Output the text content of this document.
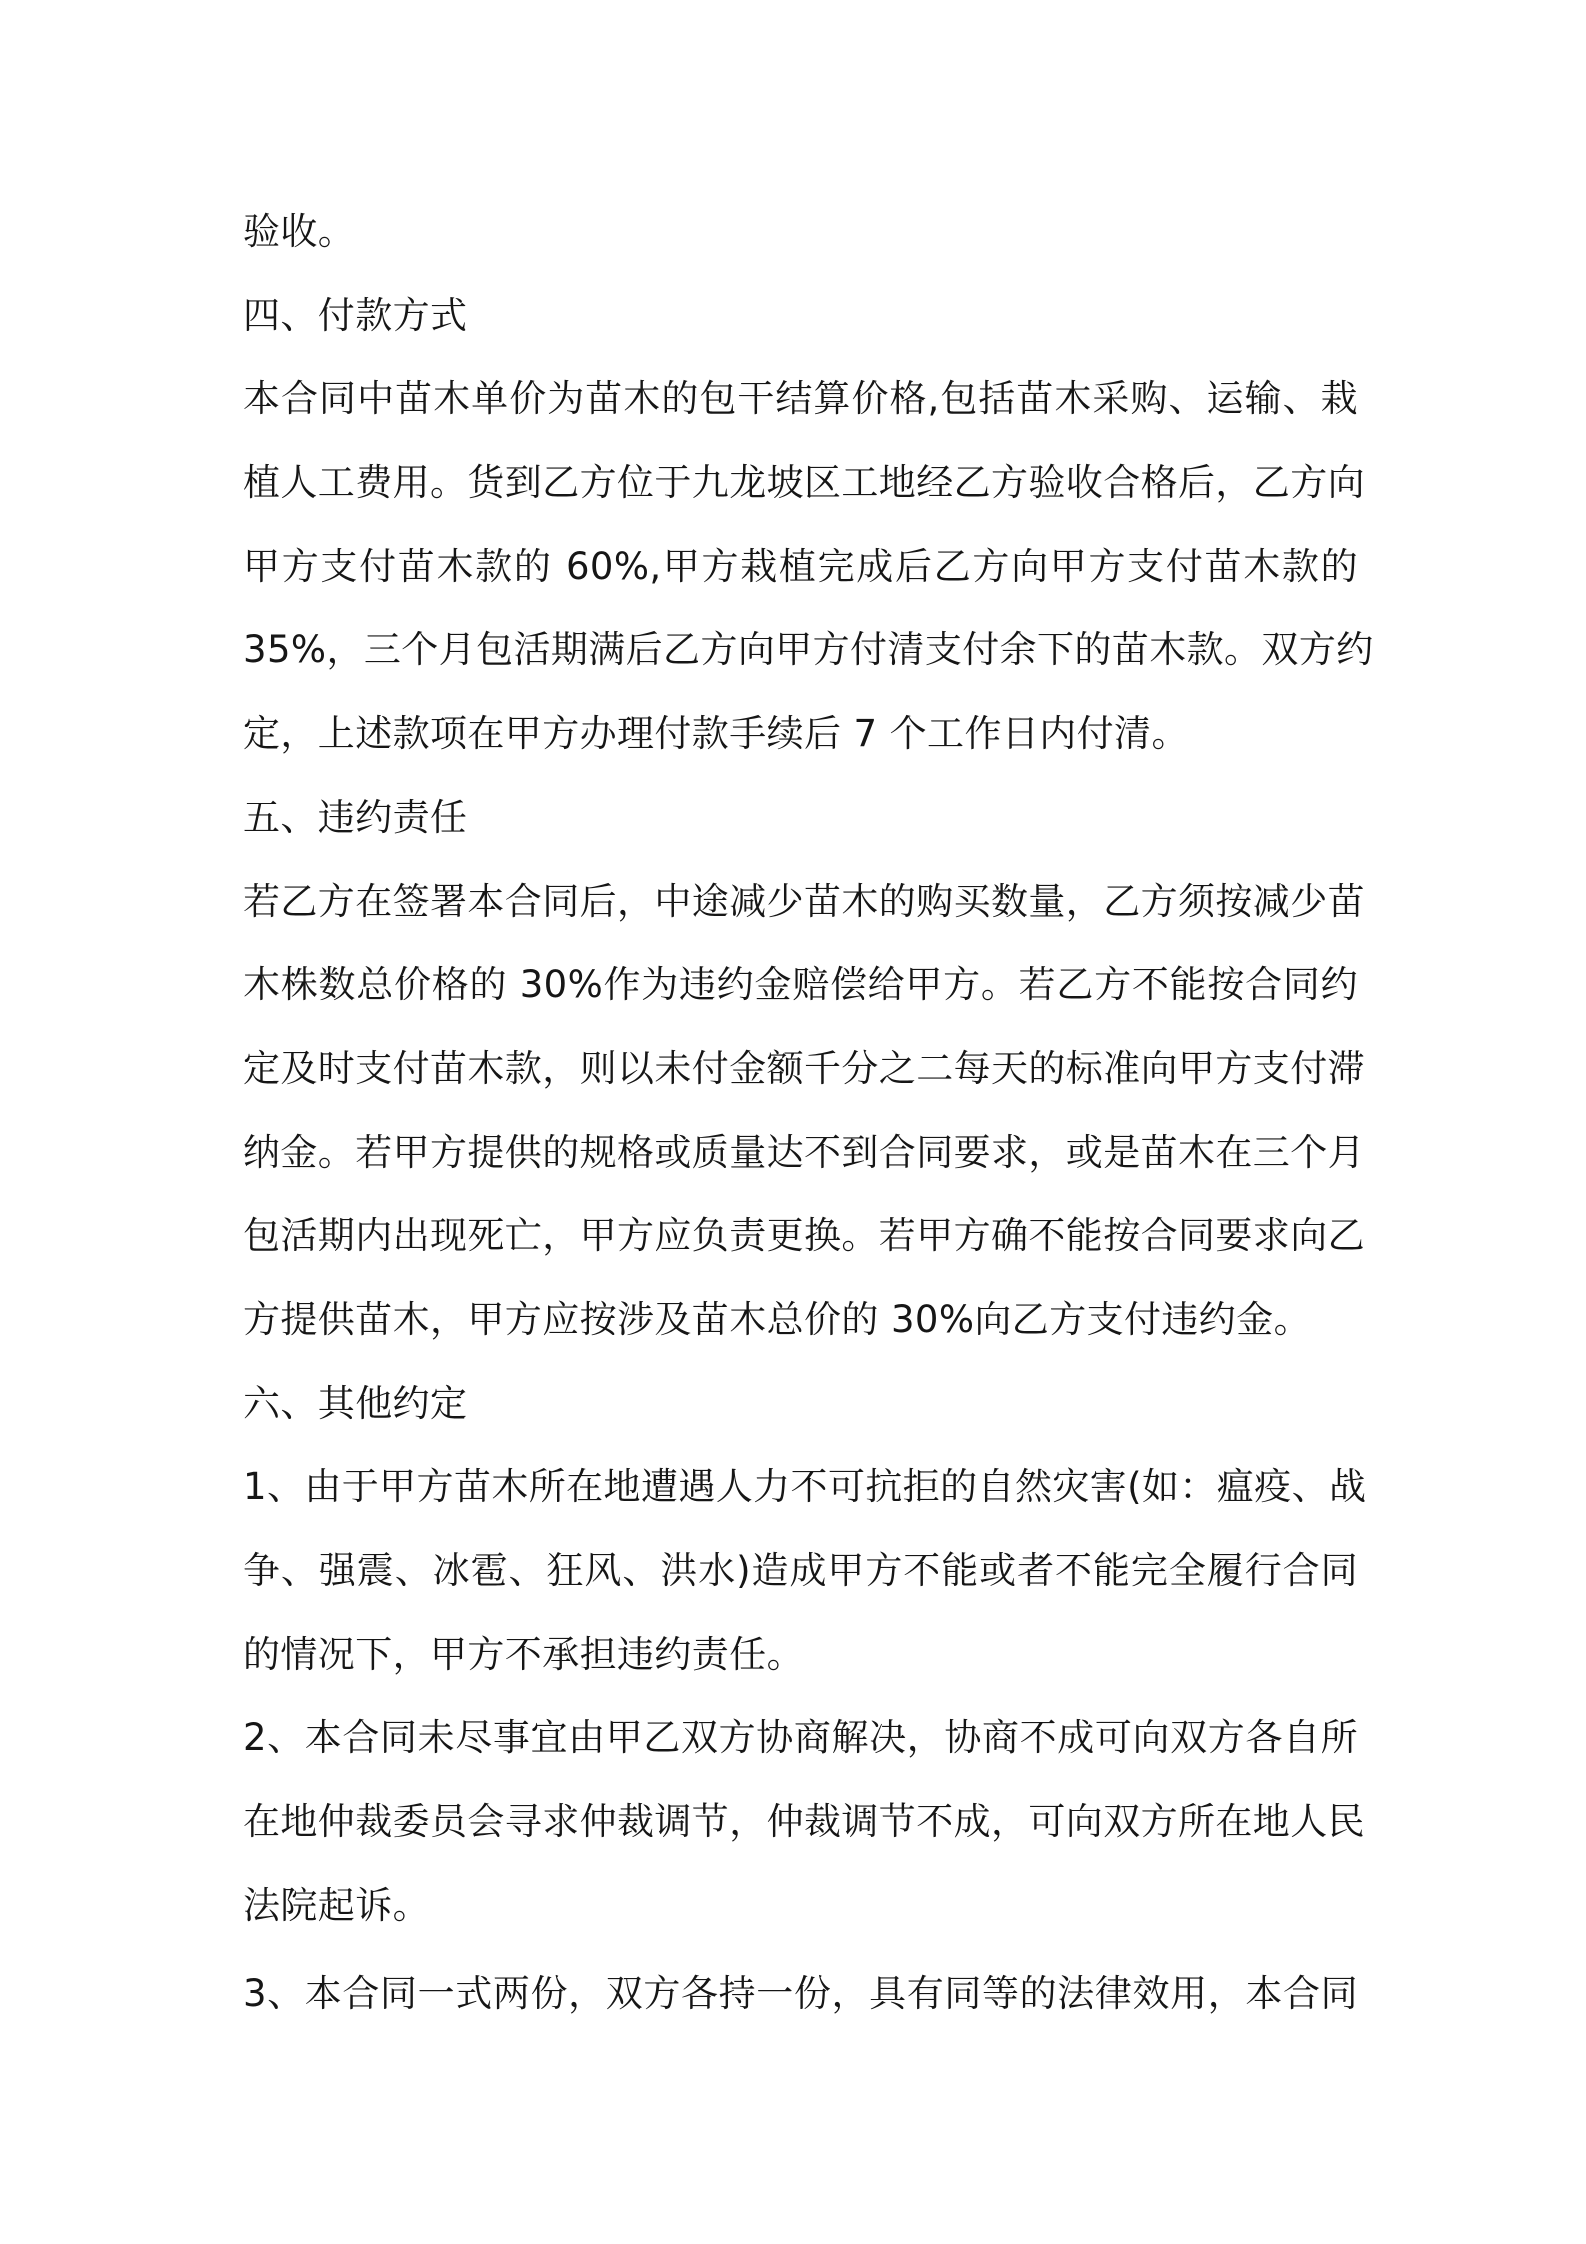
验收。
四、付款方式
本合同中苗木单价为苗木的包干结算价格,包括苗木采购、运输、栽
植人工费用。货到乙方位于九龙坡区工地经乙方验收合格后，乙方向
甲方支付苗木款的 60%,甲方栽植完成后乙方向甲方支付苗木款的
35%，三个月包活期满后乙方向甲方付清支付余下的苗木款。双方约
定，上述款项在甲方办理付款手续后 7 个工作日内付清。
五、违约责任
若乙方在签署本合同后，中途减少苗木的购买数量，乙方须按减少苗
木株数总价格的 30%作为违约金赔偿给甲方。若乙方不能按合同约
定及时支付苗木款，则以未付金额千分之二每天的标准向甲方支付滞
纳金。若甲方提供的规格或质量达不到合同要求，或是苗木在三个月
包活期内出现死亡，甲方应负责更换。若甲方确不能按合同要求向乙
方提供苗木，甲方应按涉及苗木总价的 30%向乙方支付违约金。
六、其他约定
1、由于甲方苗木所在地遭遇人力不可抗拒的自然灾害(如：瘟疫、战
争、强震、冰雹、狂风、洪水)造成甲方不能或者不能完全履行合同
的情况下，甲方不承担违约责任。
2、本合同未尽事宜由甲乙双方协商解决，协商不成可向双方各自所
在地仲裁委员会寻求仲裁调节，仲裁调节不成，可向双方所在地人民
法院起诉。
3、本合同一式两份，双方各持一份，具有同等的法律效用，本合同
